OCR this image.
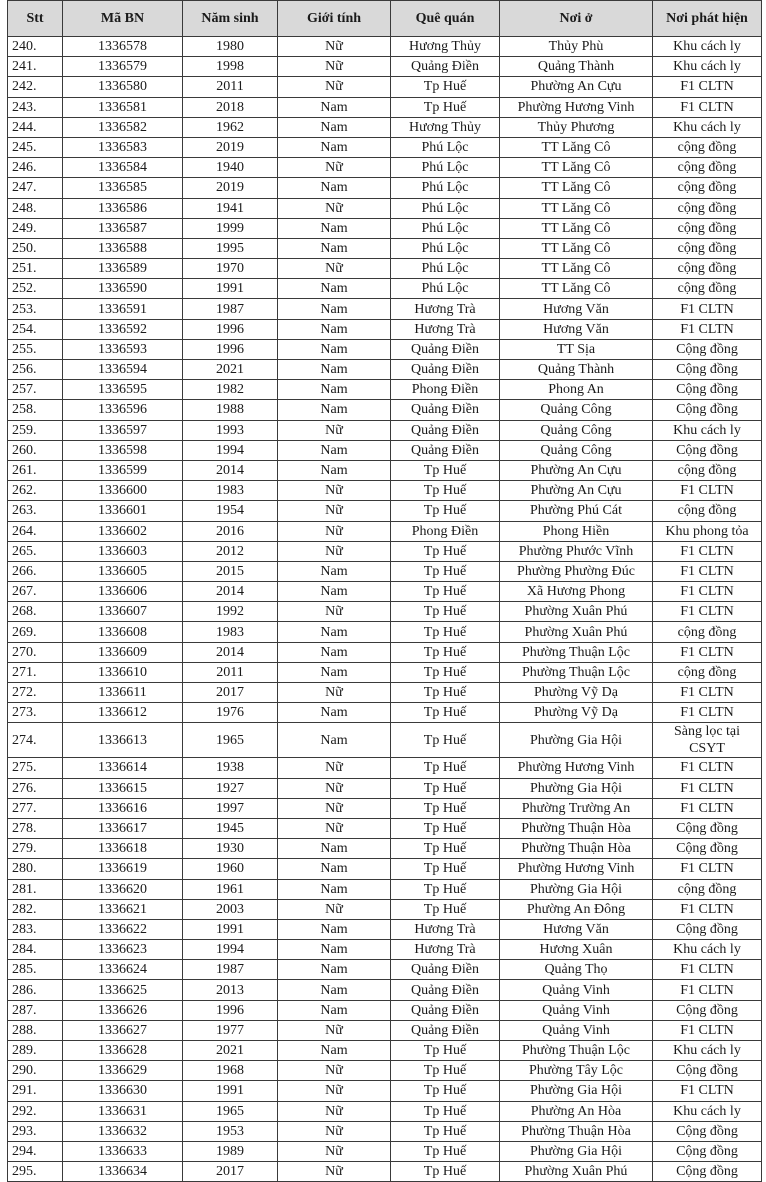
Stt	Mã BN	Năm sinh	Giới tính	Quê quán	Nơi ở	Nơi phát hiện
240.	1336578	1980	Nữ	Hương Thủy	Thủy Phù	Khu cách ly
241.	1336579	1998	Nữ	Quảng Điền	Quảng Thành	Khu cách ly
242.	1336580	2011	Nữ	Tp Huế	Phường An Cựu	F1 CLTN
243.	1336581	2018	Nam	Tp Huế	Phường Hương Vinh	F1 CLTN
244.	1336582	1962	Nam	Hương Thủy	Thủy Phương	Khu cách ly
245.	1336583	2019	Nam	Phú Lộc	TT Lăng Cô	cộng đồng
246.	1336584	1940	Nữ	Phú Lộc	TT Lăng Cô	cộng đồng
247.	1336585	2019	Nam	Phú Lộc	TT Lăng Cô	cộng đồng
248.	1336586	1941	Nữ	Phú Lộc	TT Lăng Cô	cộng đồng
249.	1336587	1999	Nam	Phú Lộc	TT Lăng Cô	cộng đồng
250.	1336588	1995	Nam	Phú Lộc	TT Lăng Cô	cộng đồng
251.	1336589	1970	Nữ	Phú Lộc	TT Lăng Cô	cộng đồng
252.	1336590	1991	Nam	Phú Lộc	TT Lăng Cô	cộng đồng
253.	1336591	1987	Nam	Hương Trà	Hương Văn	F1 CLTN
254.	1336592	1996	Nam	Hương Trà	Hương Văn	F1 CLTN
255.	1336593	1996	Nam	Quảng Điền	TT Sịa	Cộng đồng
256.	1336594	2021	Nam	Quảng Điền	Quảng Thành	Cộng đồng
257.	1336595	1982	Nam	Phong Điền	Phong An	Cộng đồng
258.	1336596	1988	Nam	Quảng Điền	Quảng Công	Cộng đồng
259.	1336597	1993	Nữ	Quảng Điền	Quảng Công	Khu cách ly
260.	1336598	1994	Nam	Quảng Điền	Quảng Công	Cộng đồng
261.	1336599	2014	Nam	Tp Huế	Phường An Cựu	cộng đồng
262.	1336600	1983	Nữ	Tp Huế	Phường An Cựu	F1 CLTN
263.	1336601	1954	Nữ	Tp Huế	Phường Phú Cát	cộng đồng
264.	1336602	2016	Nữ	Phong Điền	Phong Hiền	Khu phong tỏa
265.	1336603	2012	Nữ	Tp Huế	Phường Phước Vĩnh	F1 CLTN
266.	1336605	2015	Nam	Tp Huế	Phường Phường Đúc	F1 CLTN
267.	1336606	2014	Nam	Tp Huế	Xã Hương Phong	F1 CLTN
268.	1336607	1992	Nữ	Tp Huế	Phường Xuân Phú	F1 CLTN
269.	1336608	1983	Nam	Tp Huế	Phường Xuân Phú	cộng đồng
270.	1336609	2014	Nam	Tp Huế	Phường Thuận Lộc	F1 CLTN
271.	1336610	2011	Nam	Tp Huế	Phường Thuận Lộc	cộng đồng
272.	1336611	2017	Nữ	Tp Huế	Phường Vỹ Dạ	F1 CLTN
273.	1336612	1976	Nam	Tp Huế	Phường Vỹ Dạ	F1 CLTN
274.	1336613	1965	Nam	Tp Huế	Phường Gia Hội	Sàng lọc tại CSYT
275.	1336614	1938	Nữ	Tp Huế	Phường Hương Vinh	F1 CLTN
276.	1336615	1927	Nữ	Tp Huế	Phường Gia Hội	F1 CLTN
277.	1336616	1997	Nữ	Tp Huế	Phường Trường An	F1 CLTN
278.	1336617	1945	Nữ	Tp Huế	Phường Thuận Hòa	Cộng đồng
279.	1336618	1930	Nam	Tp Huế	Phường Thuận Hòa	Cộng đồng
280.	1336619	1960	Nam	Tp Huế	Phường Hương Vinh	F1 CLTN
281.	1336620	1961	Nam	Tp Huế	Phường Gia Hội	cộng đồng
282.	1336621	2003	Nữ	Tp Huế	Phường An Đông	F1 CLTN
283.	1336622	1991	Nam	Hương Trà	Hương Văn	Cộng đồng
284.	1336623	1994	Nam	Hương Trà	Hương Xuân	Khu cách ly
285.	1336624	1987	Nam	Quảng Điền	Quảng Thọ	F1 CLTN
286.	1336625	2013	Nam	Quảng Điền	Quảng Vinh	F1 CLTN
287.	1336626	1996	Nam	Quảng Điền	Quảng Vinh	Cộng đồng
288.	1336627	1977	Nữ	Quảng Điền	Quảng Vinh	F1 CLTN
289.	1336628	2021	Nam	Tp Huế	Phường Thuận Lộc	Khu cách ly
290.	1336629	1968	Nữ	Tp Huế	Phường Tây Lộc	Cộng đồng
291.	1336630	1991	Nữ	Tp Huế	Phường Gia Hội	F1 CLTN
292.	1336631	1965	Nữ	Tp Huế	Phường An Hòa	Khu cách ly
293.	1336632	1953	Nữ	Tp Huế	Phường Thuận Hòa	Cộng đồng
294.	1336633	1989	Nữ	Tp Huế	Phường Gia Hội	Cộng đồng
295.	1336634	2017	Nữ	Tp Huế	Phường Xuân Phú	Cộng đồng
